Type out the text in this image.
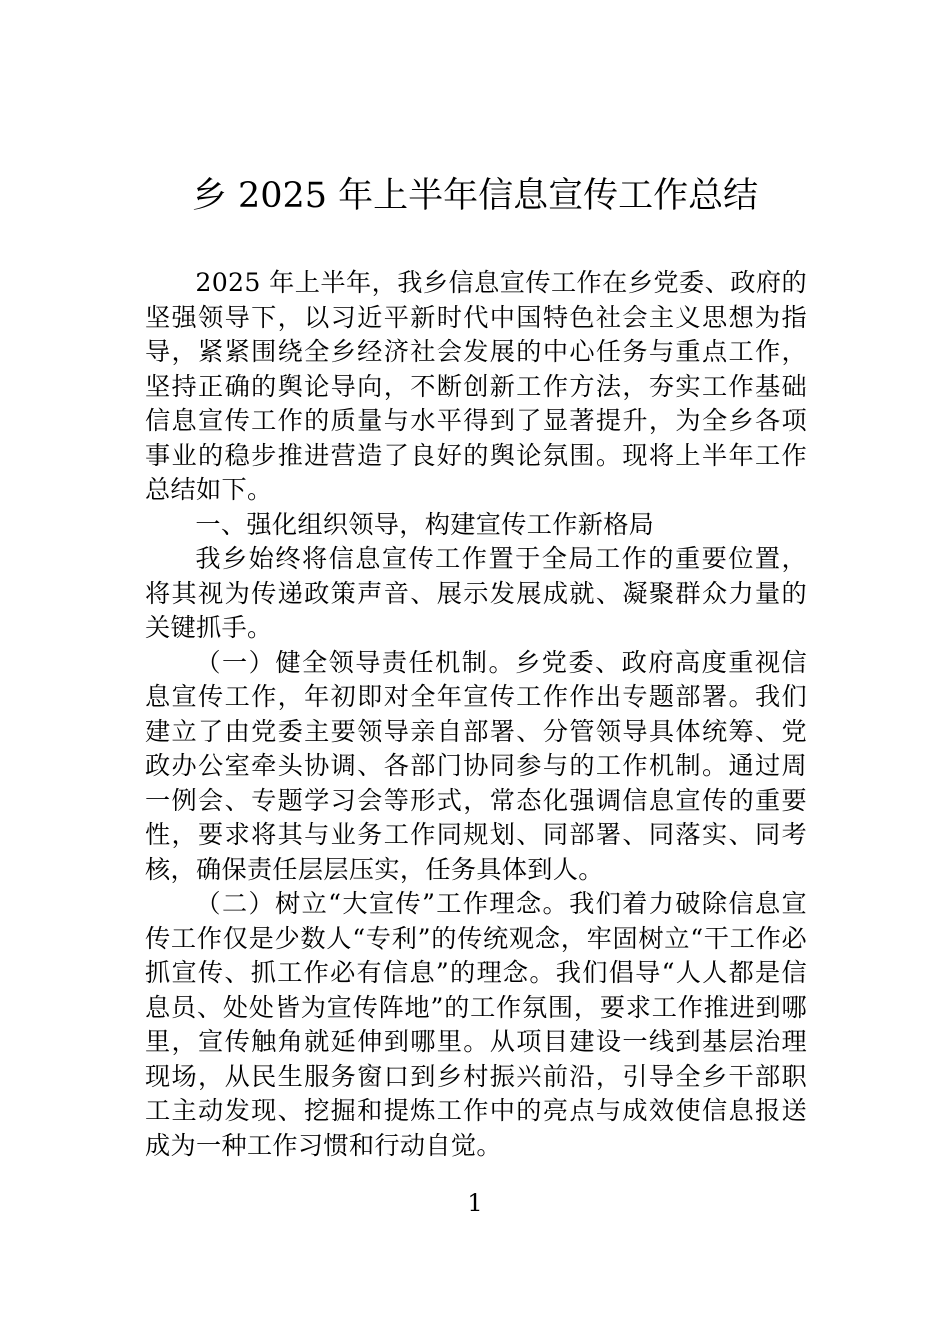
乡 2025 年上半年信息宣传工作总结

2025 年上半年，我乡信息宣传工作在乡党委、政府的坚强领导下，以习近平新时代中国特色社会主义思想为指导，紧紧围绕全乡经济社会发展的中心任务与重点工作，坚持正确的舆论导向，不断创新工作方法，夯实工作基础信息宣传工作的质量与水平得到了显著提升，为全乡各项事业的稳步推进营造了良好的舆论氛围。现将上半年工作总结如下。

一、强化组织领导，构建宣传工作新格局

我乡始终将信息宣传工作置于全局工作的重要位置，将其视为传递政策声音、展示发展成就、凝聚群众力量的关键抓手。

（一）健全领导责任机制。乡党委、政府高度重视信息宣传工作，年初即对全年宣传工作作出专题部署。我们建立了由党委主要领导亲自部署、分管领导具体统筹、党政办公室牵头协调、各部门协同参与的工作机制。通过周一例会、专题学习会等形式，常态化强调信息宣传的重要性，要求将其与业务工作同规划、同部署、同落实、同考核，确保责任层层压实，任务具体到人。

（二）树立“大宣传”工作理念。我们着力破除信息宣传工作仅是少数人“专利”的传统观念，牢固树立“干工作必抓宣传、抓工作必有信息”的理念。我们倡导“人人都是信息员、处处皆为宣传阵地”的工作氛围，要求工作推进到哪里，宣传触角就延伸到哪里。从项目建设一线到基层治理现场，从民生服务窗口到乡村振兴前沿，引导全乡干部职工主动发现、挖掘和提炼工作中的亮点与成效使信息报送成为一种工作习惯和行动自觉。

1
